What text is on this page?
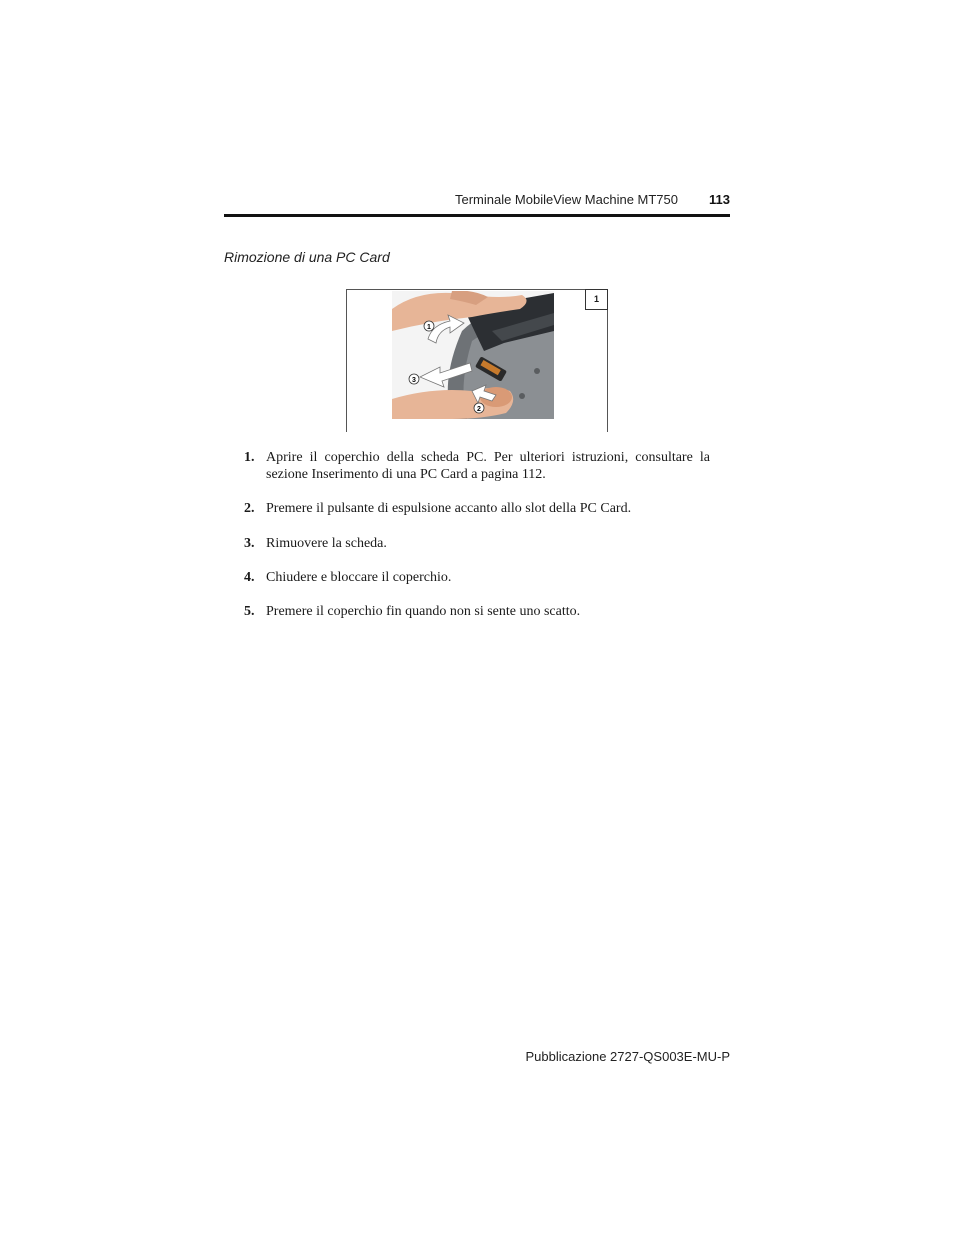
Terminale MobileView Machine MT750	113
Rimozione di una PC Card
1
1
3
2
1. Aprire il coperchio della scheda PC. Per ulteriori istruzioni, consultare la sezione Inserimento di una PC Card a pagina 112.
2. Premere il pulsante di espulsione accanto allo slot della PC Card.
3. Rimuovere la scheda.
4. Chiudere e bloccare il coperchio.
5. Premere il coperchio fin quando non si sente uno scatto.
Pubblicazione 2727-QS003E-MU-P
